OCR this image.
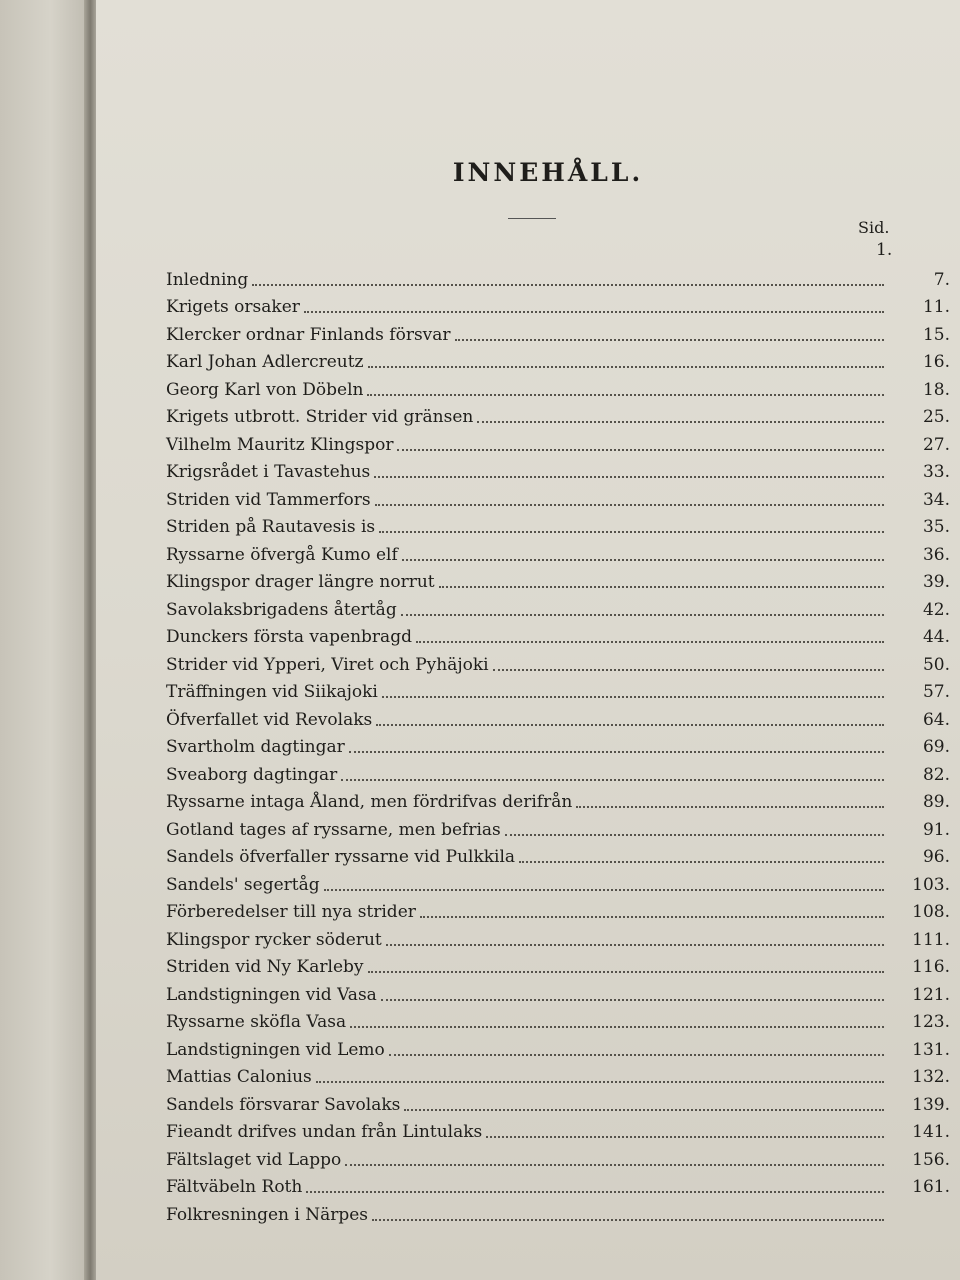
INNEHÅLL.
Sid.
1.
Inledning	7.
Krigets orsaker	11.
Klercker ordnar Finlands försvar	15.
Karl Johan Adlercreutz	16.
Georg Karl von Döbeln	18.
Krigets utbrott. Strider vid gränsen	25.
Vilhelm Mauritz Klingspor	27.
Krigsrådet i Tavastehus	33.
Striden vid Tammerfors	34.
Striden på Rautavesis is	35.
Ryssarne öfvergå Kumo elf	36.
Klingspor drager längre norrut	39.
Savolaksbrigadens återtåg	42.
Dunckers första vapenbragd	44.
Strider vid Ypperi, Viret och Pyhäjoki	50.
Träffningen vid Siikajoki	57.
Öfverfallet vid Revolaks	64.
Svartholm dagtingar	69.
Sveaborg dagtingar	82.
Ryssarne intaga Åland, men fördrifvas derifrån	89.
Gotland tages af ryssarne, men befrias	91.
Sandels öfverfaller ryssarne vid Pulkkila	96.
Sandels' segertåg	103.
Förberedelser till nya strider	108.
Klingspor rycker söderut	111.
Striden vid Ny Karleby	116.
Landstigningen vid Vasa	121.
Ryssarne sköfla Vasa	123.
Landstigningen vid Lemo	131.
Mattias Calonius	132.
Sandels försvarar Savolaks	139.
Fieandt drifves undan från Lintulaks	141.
Fältslaget vid Lappo	156.
Fältväbeln Roth	161.
Folkresningen i Närpes
